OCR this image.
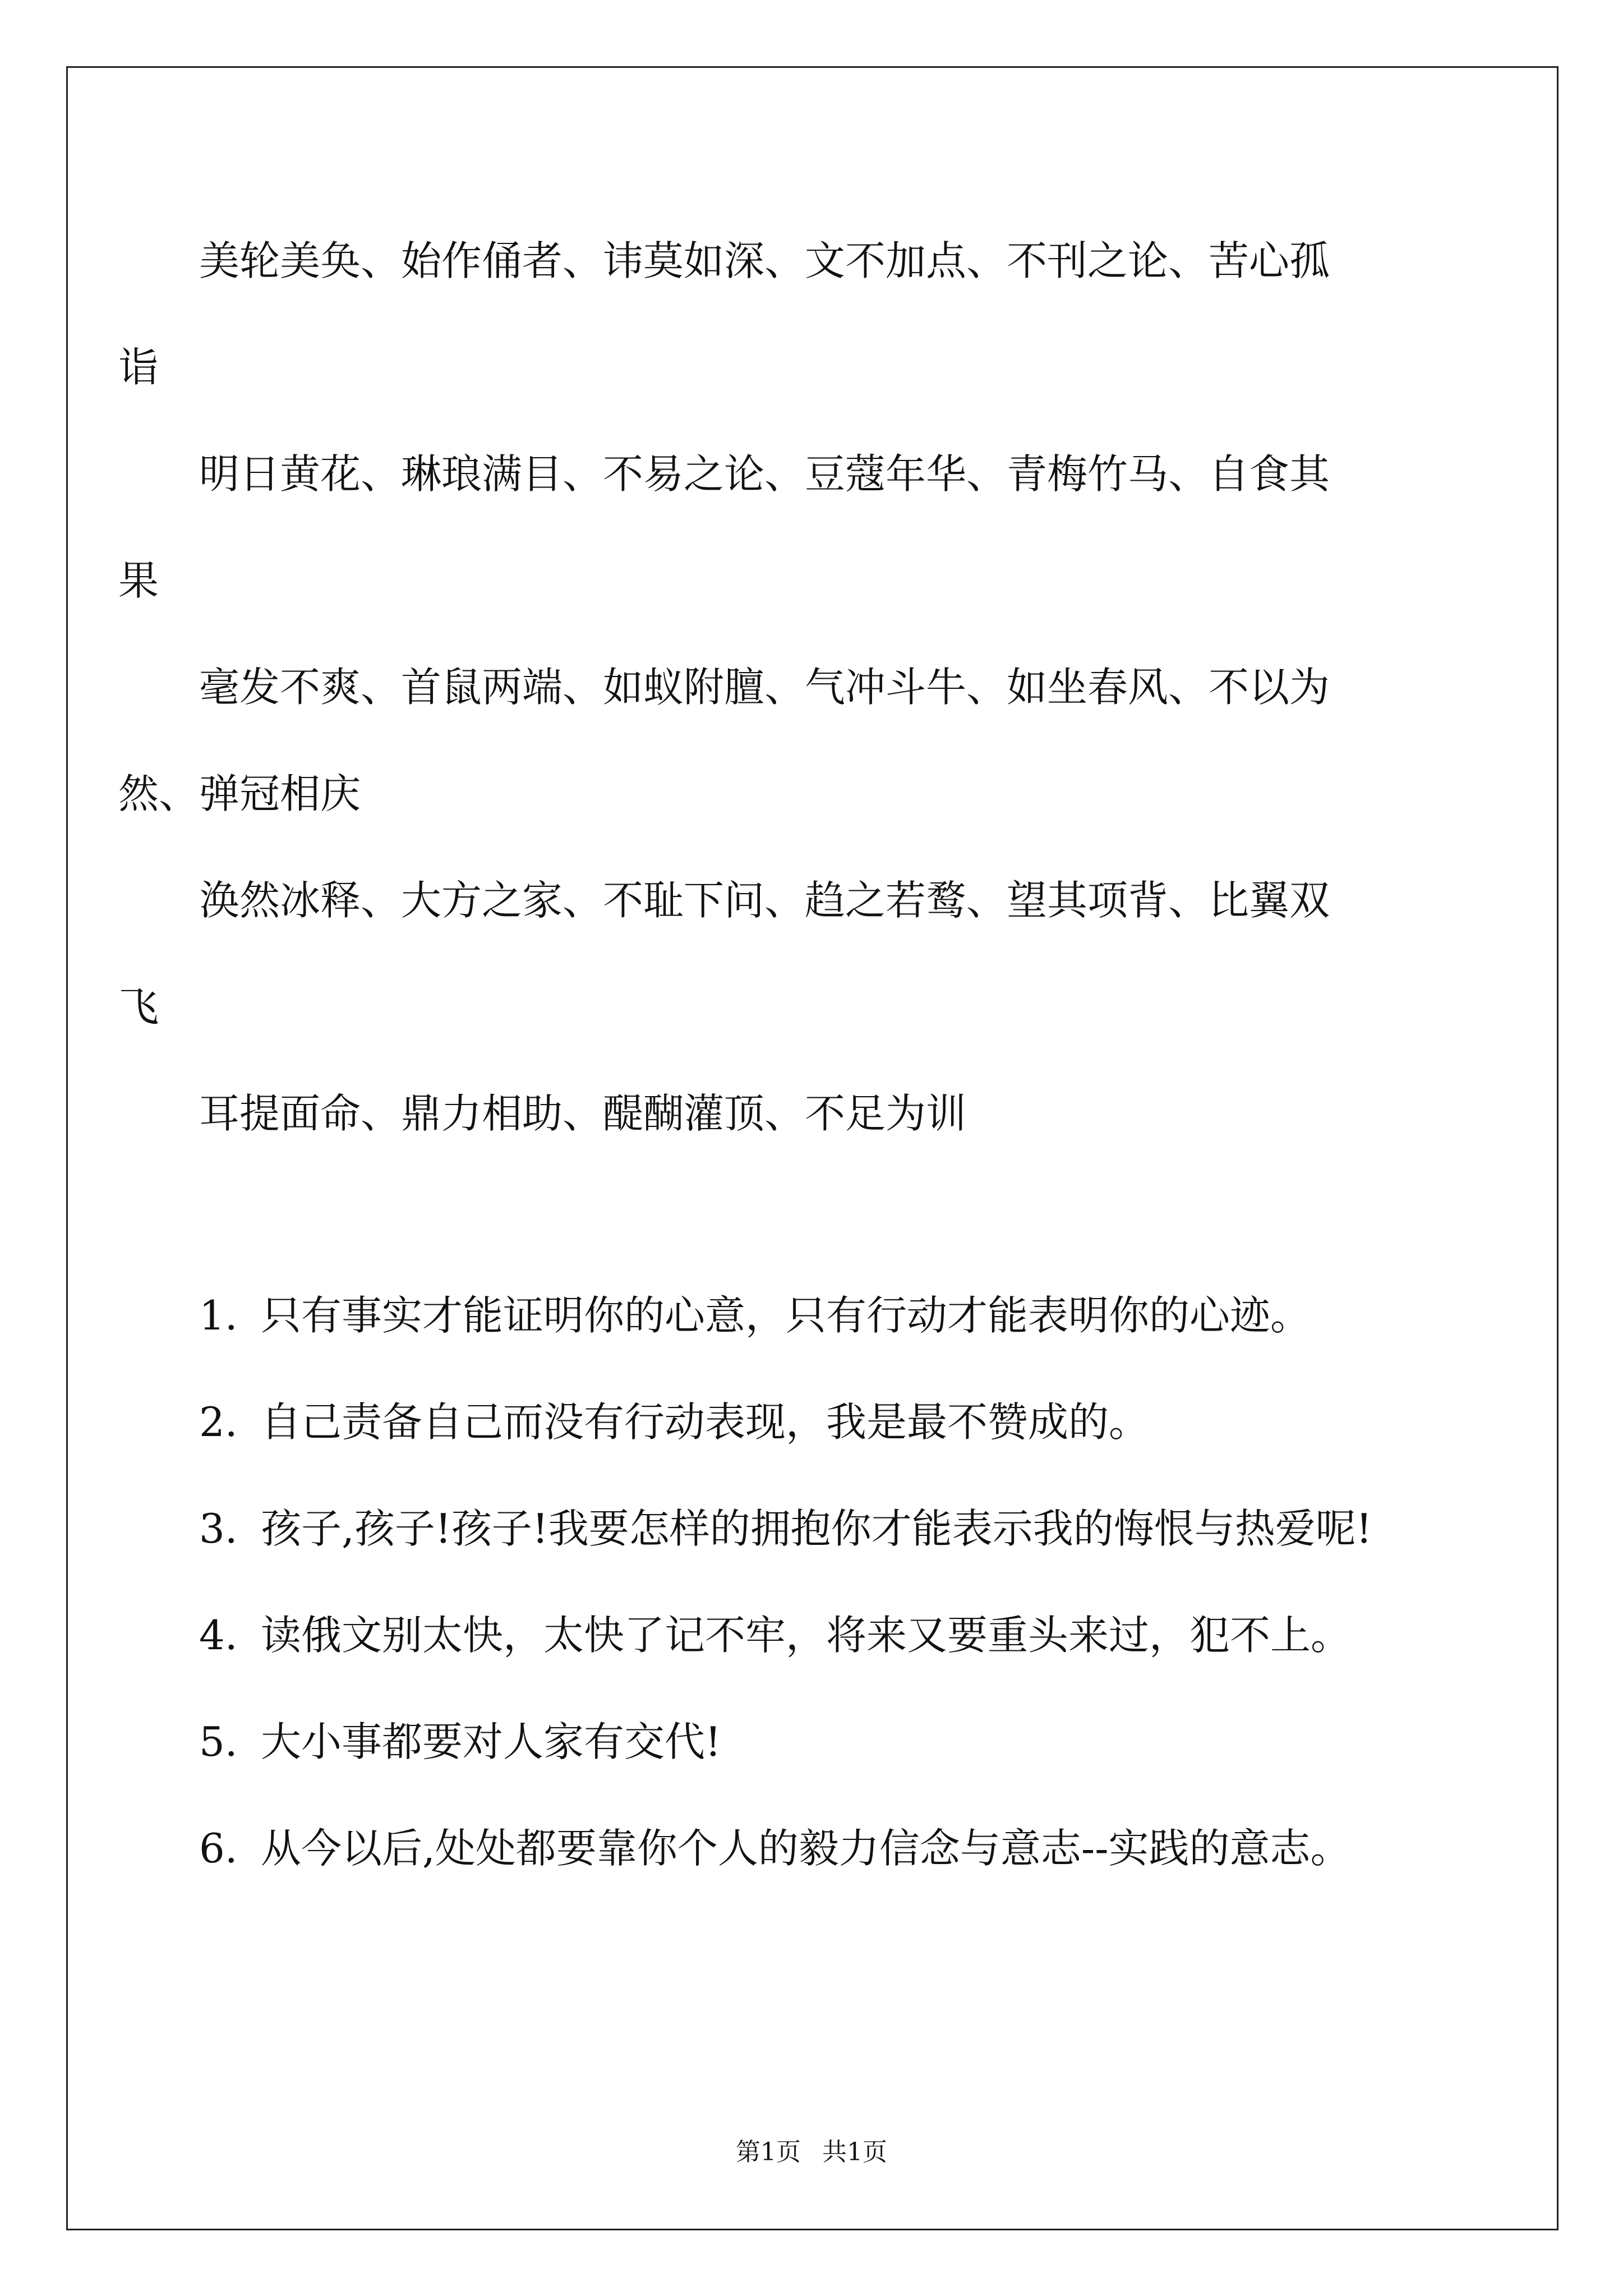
美轮美奂、始作俑者、讳莫如深、文不加点、不刊之论、苦心孤诣

明日黄花、琳琅满目、不易之论、豆蔻年华、青梅竹马、自食其果

毫发不爽、首鼠两端、如蚁附膻、气冲斗牛、如坐春风、不以为然、弹冠相庆

涣然冰释、大方之家、不耻下问、趋之若鹜、望其项背、比翼双飞

耳提面命、鼎力相助、醍醐灌顶、不足为训

1. 只有事实才能证明你的心意，只有行动才能表明你的心迹。

2. 自己责备自己而没有行动表现，我是最不赞成的。

3. 孩子,孩子!孩子!我要怎样的拥抱你才能表示我的悔恨与热爱呢!

4. 读俄文别太快，太快了记不牢，将来又要重头来过，犯不上。

5. 大小事都要对人家有交代!

6. 从今以后,处处都要靠你个人的毅力信念与意志--实践的意志。

第1页 共1页
